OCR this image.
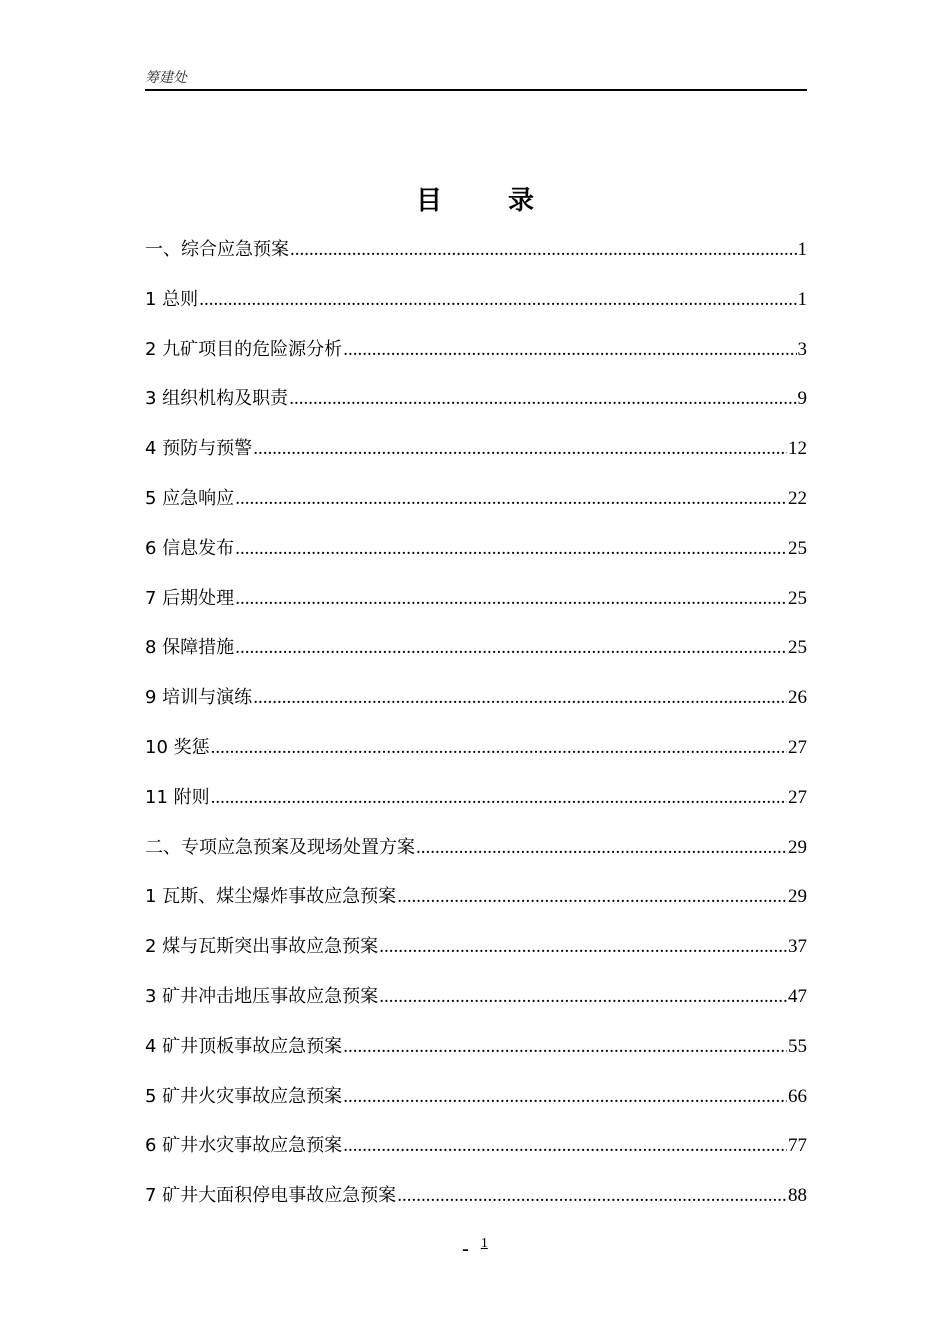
筹建处
目	录
一、综合应急预案 .....	1
1 总则 .....	1
2 九矿项目的危险源分析 .....	3
3 组织机构及职责 .....	9
4 预防与预警 .....	12
5 应急响应 .....	22
6 信息发布 .....	25
7 后期处理 .....	25
8 保障措施 .....	25
9 培训与演练 .....	26
10 奖惩 .....	27
11 附则 .....	27
二、专项应急预案及现场处置方案 .....	29
1 瓦斯、煤尘爆炸事故应急预案 .....	29
2 煤与瓦斯突出事故应急预案 .....	37
3 矿井冲击地压事故应急预案 .....	47
4 矿井顶板事故应急预案 .....	55
5 矿井火灾事故应急预案 .....	66
6 矿井水灾事故应急预案 .....	77
7 矿井大面积停电事故应急预案 .....	88
- 1
